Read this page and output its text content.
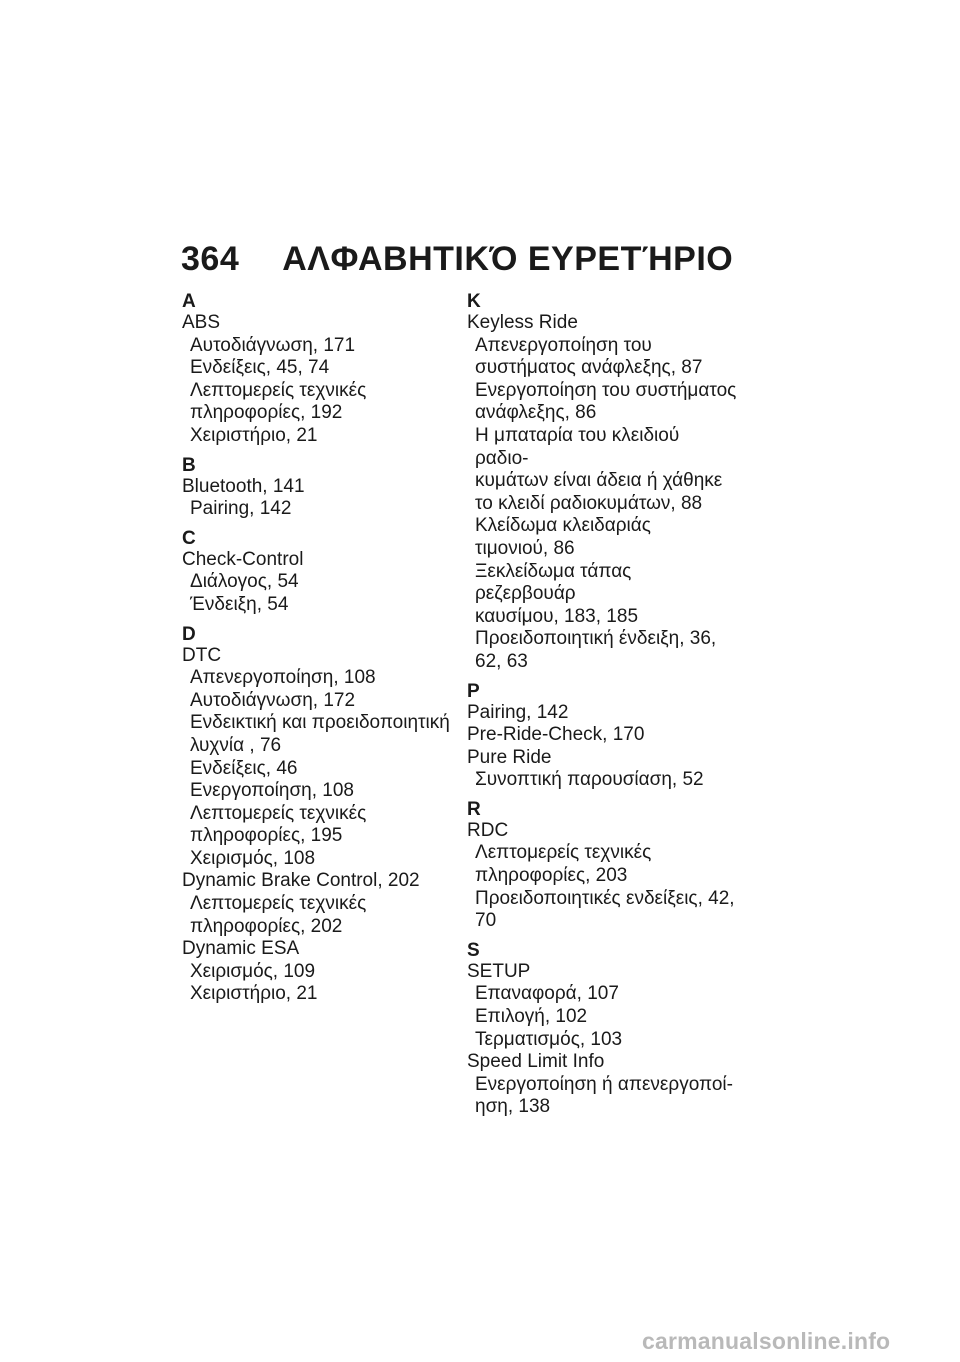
364 ΑΛΦΑΒΗΤΙΚΌ ΕΥΡΕΤΉΡΙΟ
A
ABS
Αυτοδιάγνωση, 171
Ενδείξεις, 45, 74
Λεπτομερείς τεχνικές
πληροφορίες, 192
Χειριστήριο, 21
B
Bluetooth, 141
Pairing, 142
C
Check-Control
Διάλογος, 54
Ένδειξη, 54
D
DTC
Απενεργοποίηση, 108
Αυτοδιάγνωση, 172
Ενδεικτική και προειδοποιητική
λυχνία , 76
Ενδείξεις, 46
Ενεργοποίηση, 108
Λεπτομερείς τεχνικές
πληροφορίες, 195
Χειρισμός, 108
Dynamic Brake Control, 202
Λεπτομερείς τεχνικές
πληροφορίες, 202
Dynamic ESA
Χειρισμός, 109
Χειριστήριο, 21
K
Keyless Ride
Απενεργοποίηση του
συστήματος ανάφλεξης, 87
Ενεργοποίηση του συστήματος
ανάφλεξης, 86
Η μπαταρία του κλειδιού ραδιο-
κυμάτων είναι άδεια ή χάθηκε
το κλειδί ραδιοκυμάτων, 88
Κλείδωμα κλειδαριάς
τιμονιού, 86
Ξεκλείδωμα τάπας ρεζερβουάρ
καυσίμου, 183, 185
Προειδοποιητική ένδειξη, 36,
62, 63
P
Pairing, 142
Pre-Ride-Check, 170
Pure Ride
Συνοπτική παρουσίαση, 52
R
RDC
Λεπτομερείς τεχνικές
πληροφορίες, 203
Προειδοποιητικές ενδείξεις, 42,
70
S
SETUP
Επαναφορά, 107
Επιλογή, 102
Τερματισμός, 103
Speed Limit Info
Ενεργοποίηση ή απενεργοποί-
ηση, 138
carmanualsonline.info
